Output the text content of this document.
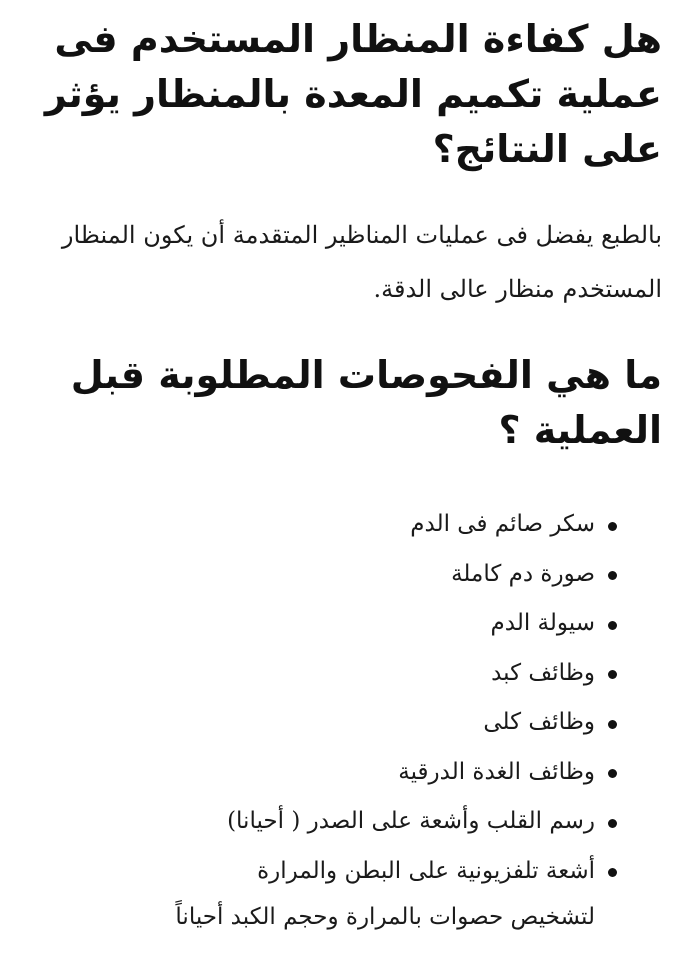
هل كفاءة المنظار المستخدم فى عملية تكميم المعدة بالمنظار يؤثر على النتائج؟

بالطبع يفضل فى عمليات المناظير المتقدمة أن يكون المنظار المستخدم منظار عالى الدقة.

ما هي الفحوصات المطلوبة قبل العملية ؟
سكر صائم فى الدم
صورة دم كاملة
سيولة الدم
وظائف كبد
وظائف كلى
وظائف الغدة الدرقية
رسم القلب وأشعة على الصدر ( أحيانا)
أشعة تلفزيونية على البطن والمرارة

لتشخيص حصوات بالمرارة وحجم الكبد أحياناً
